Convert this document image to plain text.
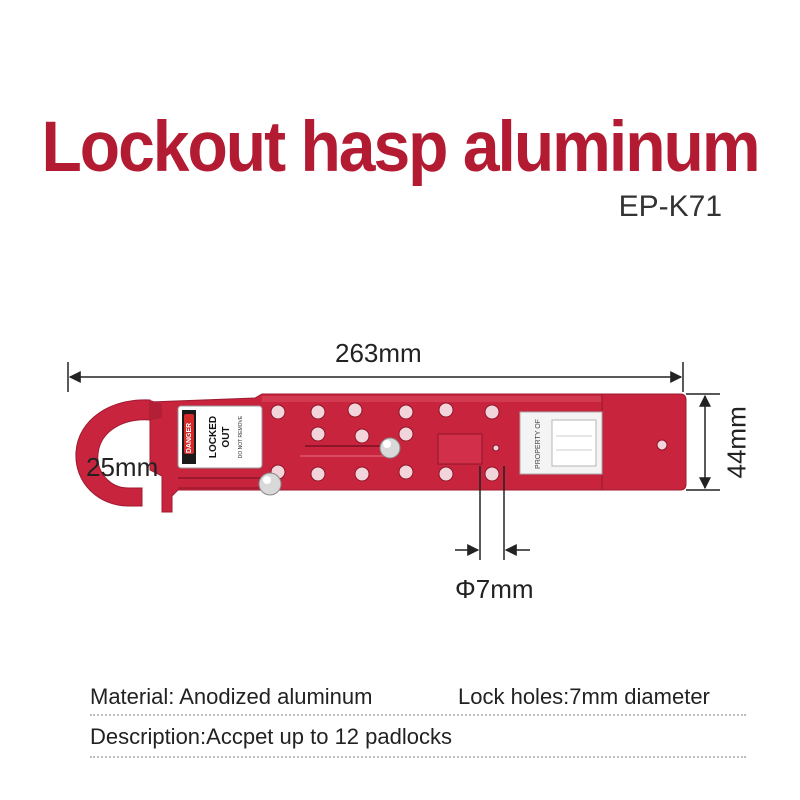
Lockout hasp aluminum
EP-K71
DANGER LOCKED OUT DO NOT REMOVE	PROPERTY OF
263mm
25mm	44mm
Φ7mm
Material: Anodized aluminum	Lock holes:7mm diameter
Description:Accpet up to 12 padlocks
